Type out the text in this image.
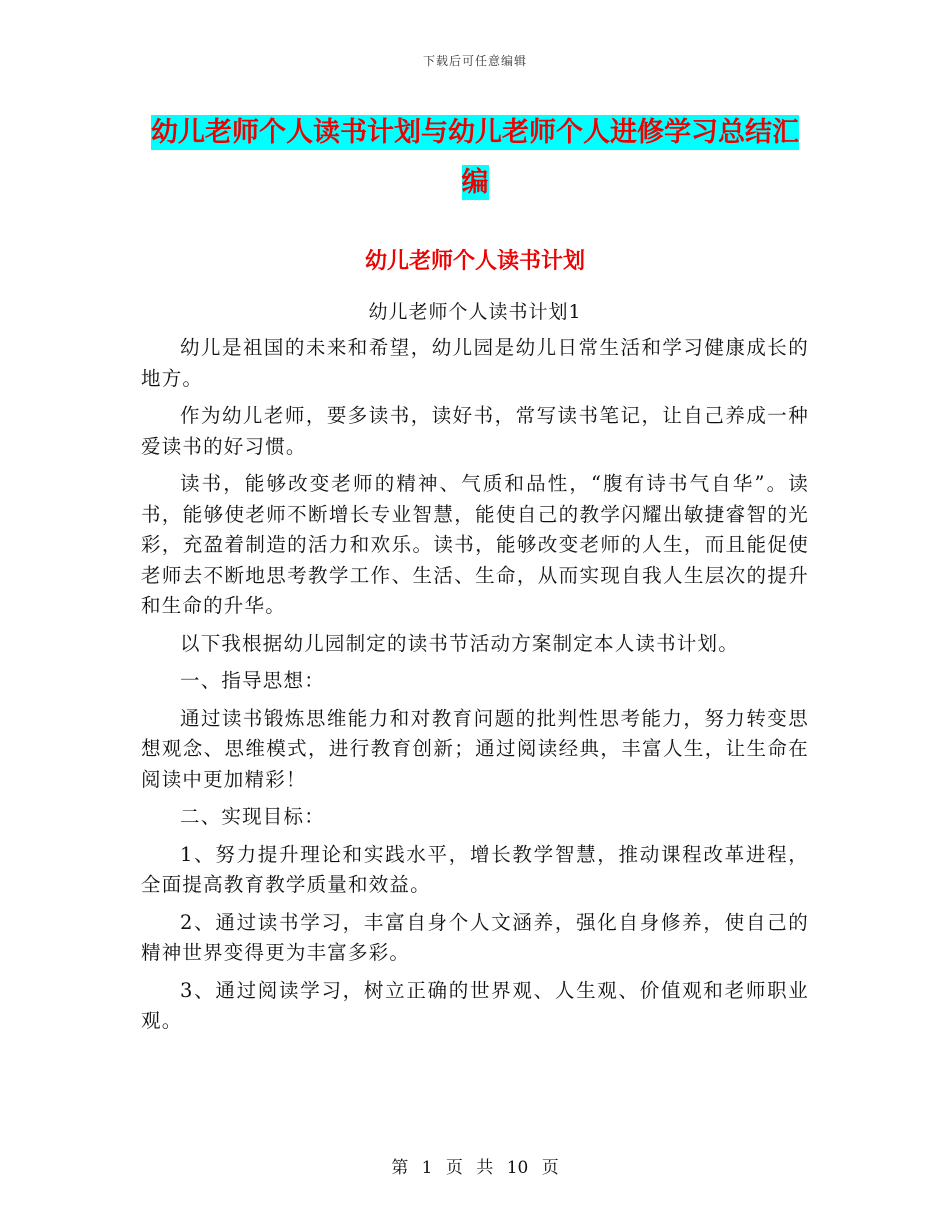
下载后可任意编辑
幼儿老师个人读书计划与幼儿老师个人进修学习总结汇编
幼儿老师个人读书计划
幼儿老师个人读书计划1

幼儿是祖国的未来和希望，幼儿园是幼儿日常生活和学习健康成长的地方。

作为幼儿老师，要多读书，读好书，常写读书笔记，让自己养成一种爱读书的好习惯。

读书，能够改变老师的精神、气质和品性，“腹有诗书气自华”。读书，能够使老师不断增长专业智慧，能使自己的教学闪耀出敏捷睿智的光彩，充盈着制造的活力和欢乐。读书，能够改变老师的人生，而且能促使老师去不断地思考教学工作、生活、生命，从而实现自我人生层次的提升和生命的升华。

以下我根据幼儿园制定的读书节活动方案制定本人读书计划。

一、指导思想：

通过读书锻炼思维能力和对教育问题的批判性思考能力，努力转变思想观念、思维模式，进行教育创新；通过阅读经典，丰富人生，让生命在阅读中更加精彩！

二、实现目标：

1、努力提升理论和实践水平，增长教学智慧，推动课程改革进程，全面提高教育教学质量和效益。

2、通过读书学习，丰富自身个人文涵养，强化自身修养，使自己的精神世界变得更为丰富多彩。

3、通过阅读学习，树立正确的世界观、人生观、价值观和老师职业观。

第 1 页 共 10 页
